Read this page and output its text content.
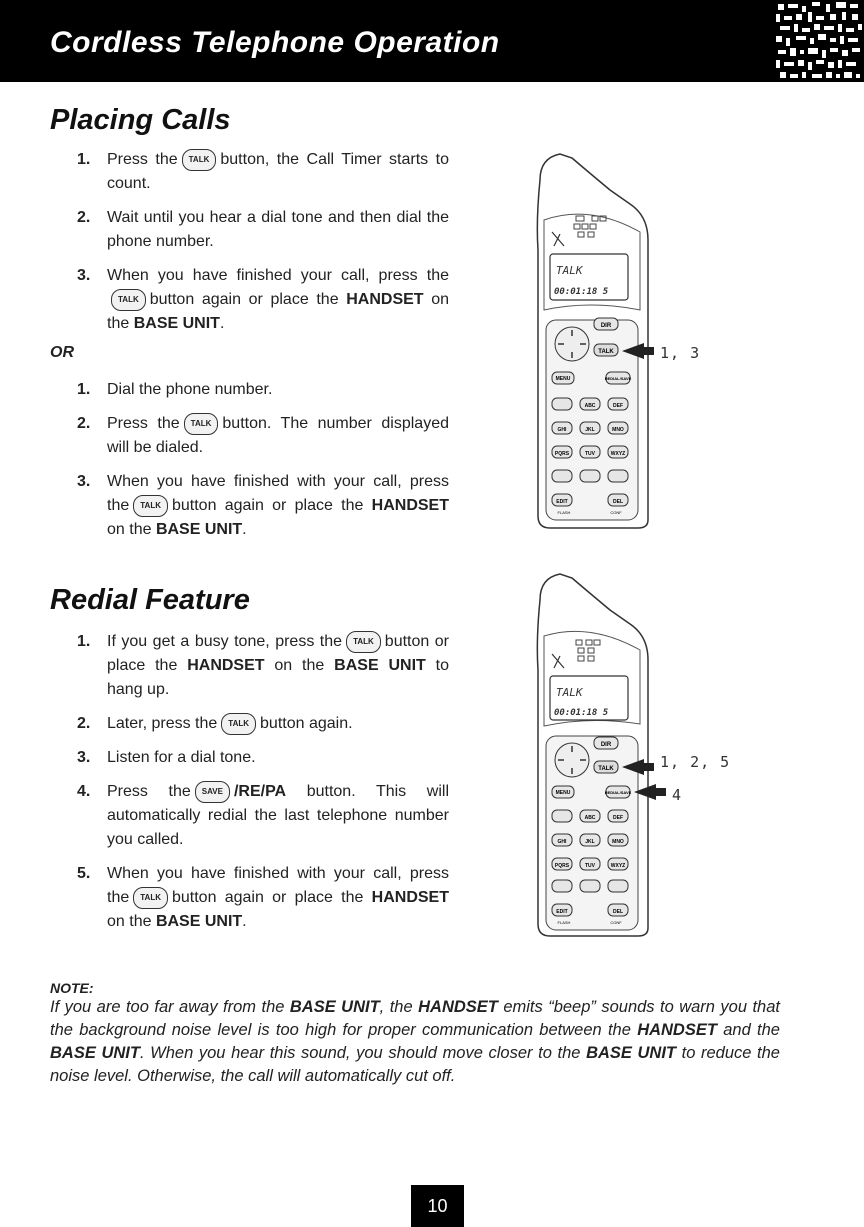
Cordless Telephone Operation
Placing Calls
1. Press the TALK button, the Call Timer starts to count.
2. Wait until you hear a dial tone and then dial the phone number.
3. When you have finished your call, press theTALK button again or place the HANDSET on the BASE UNIT.
OR
1. Dial the phone number.
2. Press the TALK button. The number displayed will be dialed.
3. When you have finished with your call, press the TALK button again or place the HANDSET on the BASE UNIT.
TALK
00:01:18 5
DIR
TALK
MENU	REDIAL/SAVE
ABC	DEF
GHI	JKL	MNO
PQRS	TUV	WXYZ
EDIT	DEL
FLASH	CONF
1, 3
Redial Feature
1. If you get a busy tone, press the TALK button or place the HANDSET on the BASE UNIT to hang up.
2. Later, press the TALK button again.
3. Listen for a dial tone.
4. Press the SAVE /RE/PA button. This will automatically redial the last telephone number you called.
5. When you have finished with your call, press the TALK button again or place the HANDSET on the BASE UNIT.
TALK
00:01:18 5
DIR
TALK
MENU	REDIAL/SAVE
ABC	DEF
GHI	JKL	MNO
PQRS	TUV	WXYZ
EDIT	DEL
FLASH	CONF
1, 2, 5
4
NOTE:
If you are too far away from the BASE UNIT, the HANDSET emits “beep” sounds to warn you that the background noise level is too high for proper communication between the HANDSET and the BASE UNIT. When you hear this sound, you should move closer to the BASE UNIT to reduce the noise level. Otherwise, the call will automatically cut off.
10
